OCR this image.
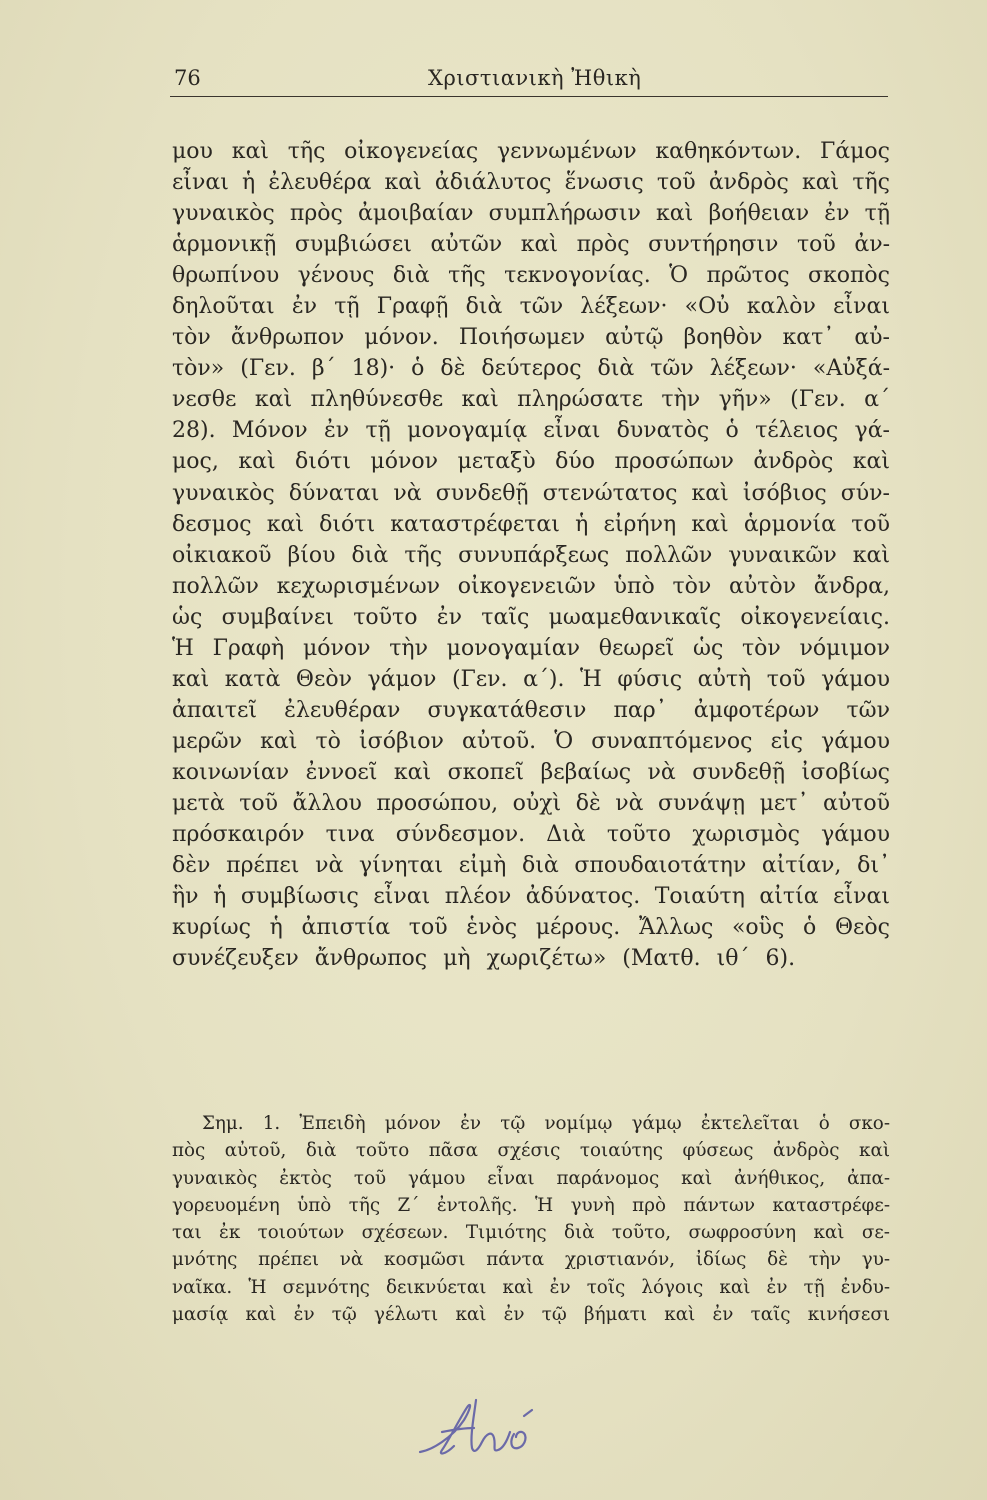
76	Χριστιανικὴ Ἠθικὴ
μου καὶ τῆς οἰκογενείας γεννωμένων καθηκόντων. Γάμος
εἶναι ἡ ἐλευθέρα καὶ ἀδιάλυτος ἕνωσις τοῦ ἀνδρὸς καὶ τῆς
γυναικὸς πρὸς ἀμοιβαίαν συμπλήρωσιν καὶ βοήθειαν ἐν τῇ
ἁρμονικῇ συμβιώσει αὐτῶν καὶ πρὸς συντήρησιν τοῦ ἀν-
θρωπίνου γένους διὰ τῆς τεκνογονίας. Ὁ πρῶτος σκοπὸς
δηλοῦται ἐν τῇ Γραφῇ διὰ τῶν λέξεων· «Οὐ καλὸν εἶναι
τὸν ἄνθρωπον μόνον. Ποιήσωμεν αὐτῷ βοηθὸν κατ᾽ αὐ-
τὸν» (Γεν. β΄ 18)· ὁ δὲ δεύτερος διὰ τῶν λέξεων· «Αὐξά-
νεσθε καὶ πληθύνεσθε καὶ πληρώσατε τὴν γῆν» (Γεν. α΄
28). Μόνον ἐν τῇ μονογαμίᾳ εἶναι δυνατὸς ὁ τέλειος γά-
μος, καὶ διότι μόνον μεταξὺ δύο προσώπων ἀνδρὸς καὶ
γυναικὸς δύναται νὰ συνδεθῇ στενώτατος καὶ ἰσόβιος σύν-
δεσμος καὶ διότι καταστρέφεται ἡ εἰρήνη καὶ ἁρμονία τοῦ
οἰκιακοῦ βίου διὰ τῆς συνυπάρξεως πολλῶν γυναικῶν καὶ
πολλῶν κεχωρισμένων οἰκογενειῶν ὑπὸ τὸν αὐτὸν ἄνδρα,
ὡς συμβαίνει τοῦτο ἐν ταῖς μωαμεθανικαῖς οἰκογενείαις.
Ἡ Γραφὴ μόνον τὴν μονογαμίαν θεωρεῖ ὡς τὸν νόμιμον
καὶ κατὰ Θεὸν γάμον (Γεν. α΄). Ἡ φύσις αὐτὴ τοῦ γάμου
ἀπαιτεῖ ἐλευθέραν συγκατάθεσιν παρ᾽ ἀμφοτέρων τῶν
μερῶν καὶ τὸ ἰσόβιον αὐτοῦ. Ὁ συναπτόμενος εἰς γάμου
κοινωνίαν ἐννοεῖ καὶ σκοπεῖ βεβαίως νὰ συνδεθῇ ἰσοβίως
μετὰ τοῦ ἄλλου προσώπου, οὐχὶ δὲ νὰ συνάψῃ μετ᾽ αὐτοῦ
πρόσκαιρόν τινα σύνδεσμον. Διὰ τοῦτο χωρισμὸς γάμου
δὲν πρέπει νὰ γίνηται εἰμὴ διὰ σπουδαιοτάτην αἰτίαν, δι᾽
ἣν ἡ συμβίωσις εἶναι πλέον ἀδύνατος. Τοιαύτη αἰτία εἶναι
κυρίως ἡ ἀπιστία τοῦ ἑνὸς μέρους. Ἄλλως «οὓς ὁ Θεὸς
συνέζευξεν ἄνθρωπος μὴ χωριζέτω» (Ματθ. ιθ΄ 6).
Σημ. 1. Ἐπειδὴ μόνον ἐν τῷ νομίμῳ γάμῳ ἐκτελεῖται ὁ σκο-
πὸς αὐτοῦ, διὰ τοῦτο πᾶσα σχέσις τοιαύτης φύσεως ἀνδρὸς καὶ
γυναικὸς ἐκτὸς τοῦ γάμου εἶναι παράνομος καὶ ἀνήθικος, ἀπα-
γορευομένη ὑπὸ τῆς Ζ΄ ἐντολῆς. Ἡ γυνὴ πρὸ πάντων καταστρέφε-
ται ἐκ τοιούτων σχέσεων. Τιμιότης διὰ τοῦτο, σωφροσύνη καὶ σε-
μνότης πρέπει νὰ κοσμῶσι πάντα χριστιανόν, ἰδίως δὲ τὴν γυ-
ναῖκα. Ἡ σεμνότης δεικνύεται καὶ ἐν τοῖς λόγοις καὶ ἐν τῇ ἐνδυ-
μασίᾳ καὶ ἐν τῷ γέλωτι καὶ ἐν τῷ βήματι καὶ ἐν ταῖς κινήσεσι
